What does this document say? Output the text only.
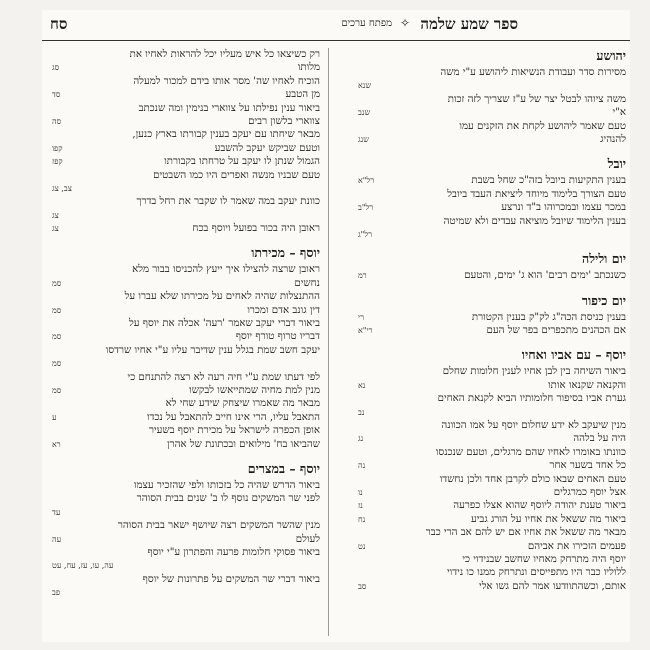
ספר שמע שלמה
✧
מפתח ערכים
סח
יהושע
מסירות סדר ועבודת הנשיאות ליהושע ע"י משה
שנא
משה ציוהו לבטל יצר של ע"ז שצריך לזה זכות
א"י
שנב
טעם שאמר ליהושע לקחת את הזקנים עמו
להנהיג
שנג
יובל
בענין התקיעות ביובל בזה"כ שחל בשבת
רל"א
טעם הצורך בלימוד מיוחד ליציאת העבד ביובל
במכר עצמו ובמכרוהו ב"ד ונרצע
רל"ב
בענין הלימוד שיובל מוציאה עבדים ולא שמיטה
רל"ג
יום ולילה
כשנכתב 'ימים רבים' הוא ג' ימים, והטעם
רמ
יום כיפור
בענין כניסת הכה"ג לק"ק בענין הקטורת
רי
אם הכהנים מתכפרים בפר של העם
רי"א
יוסף – עם אביו ואחיו
ביאור השיחה בין לבן אחיו לענין חלומות שחלם
והקנאה שקנאו אותו
נא
גערת אביו בסיפור חלומותיו הביא לקנאת האחים
נב
מנין שיעקב לא ידע שחלום יוסף על אמו הכוונה
היה על בלהה
נג
כוונתו באומרו לאחיו שהם מרגלים, וטעם שנכנסו
כל אחד בשער אחר
נה
טעם האחים שבאו כולם לקרבן אחד ולכן נחשדו
אצל יוסף כמרגלים
נו
ביאור טענת יהודה ליוסף שהוא אצלו כפרעה
נז
ביאור מה ששאל את אחיו על הורג גביע
נח
מבאר מה ששאל את אחיו אם יש להם אב הרי כבר
פעמים הזכירו את אביהם
נט
יוסף היה מתרחק מאחיו שחשב שבנידוי כי
ללוליו כבר היו מתפייסים ונתרחק ממנו כו נידוי
אותם, וכשהתוודעו אמר להם גשו אלי
סב
רק כשיצאו כל איש מעליו יכל להראות לאחיו את
מלותו
סג
הוכיח לאחיו שה' מסר אותו בידם למכור למעלה
מן הטבע
סד
ביאור ענין נפילתו על צווארי בנימין ומה שנכתב
צווארי בלשון רבים
סה
מבאר שיחתו עם יעקב בענין קבורתו בארץ כנען,
וטעם שביקש יעקב להשבע
קפו
הגמול שנתן לו יעקב על טרחתו בקבורתו
קפז
טעם שבניו מנשה ואפרים היו כמו השבטים
צב, צג
כוונת יעקב במה שאמר לו שקבר את רחל בדרך
צג
ראובן היה בכור בפועל ויוסף בכח
צג
יוסף – מכירתו
ראובן שרצה להצילו איך ייעץ להכניסו בבור מלא
נחשים
סמ
ההתנצלות שהיה לאחים על מכירתו שלא עברו על
דין גונב אדם ומכרו
סמ
ביאור דברי יעקב שאמר 'רעה' אכלה את יוסף על
דבריו טרוף טורף יוסף
סמ
יעקב חשב שמת בגלל ענין שדיבר עליו ע"י אחיו שרדסו
סמ
לפי דעתו שמת ע"י חיה רעה לא רצה להתנחם כי
מנין למת מחיה שמתייאשו לבקשו
סמ
מבאר מה שאמרו שיצחק שידע שחי לא
התאבל עליו, הרי אינו חייב להתאבל על נכדו
ע
אופן הכפרה לישראל על מכירת יוסף בשעיר
שהביאו בח' מילואים ובכתונת של אהרן
רא
יוסף – במצרים
ביאור הדרש שהיה כל בזכותו ולפי שהזכיר עצמו
לפני שר המשקים נוסף לו ב' שנים בבית הסוהר
עד
מנין שהשר המשקים רצה שיושף ישאר בבית הסוהר
לעולם
עה
ביאור פסוקי חלומות פרעה והפתרון ע"י יוסף
עה, עו, עז, עח, עט
ביאור דברי שר המשקים על פתרונות של יוסף
פב
